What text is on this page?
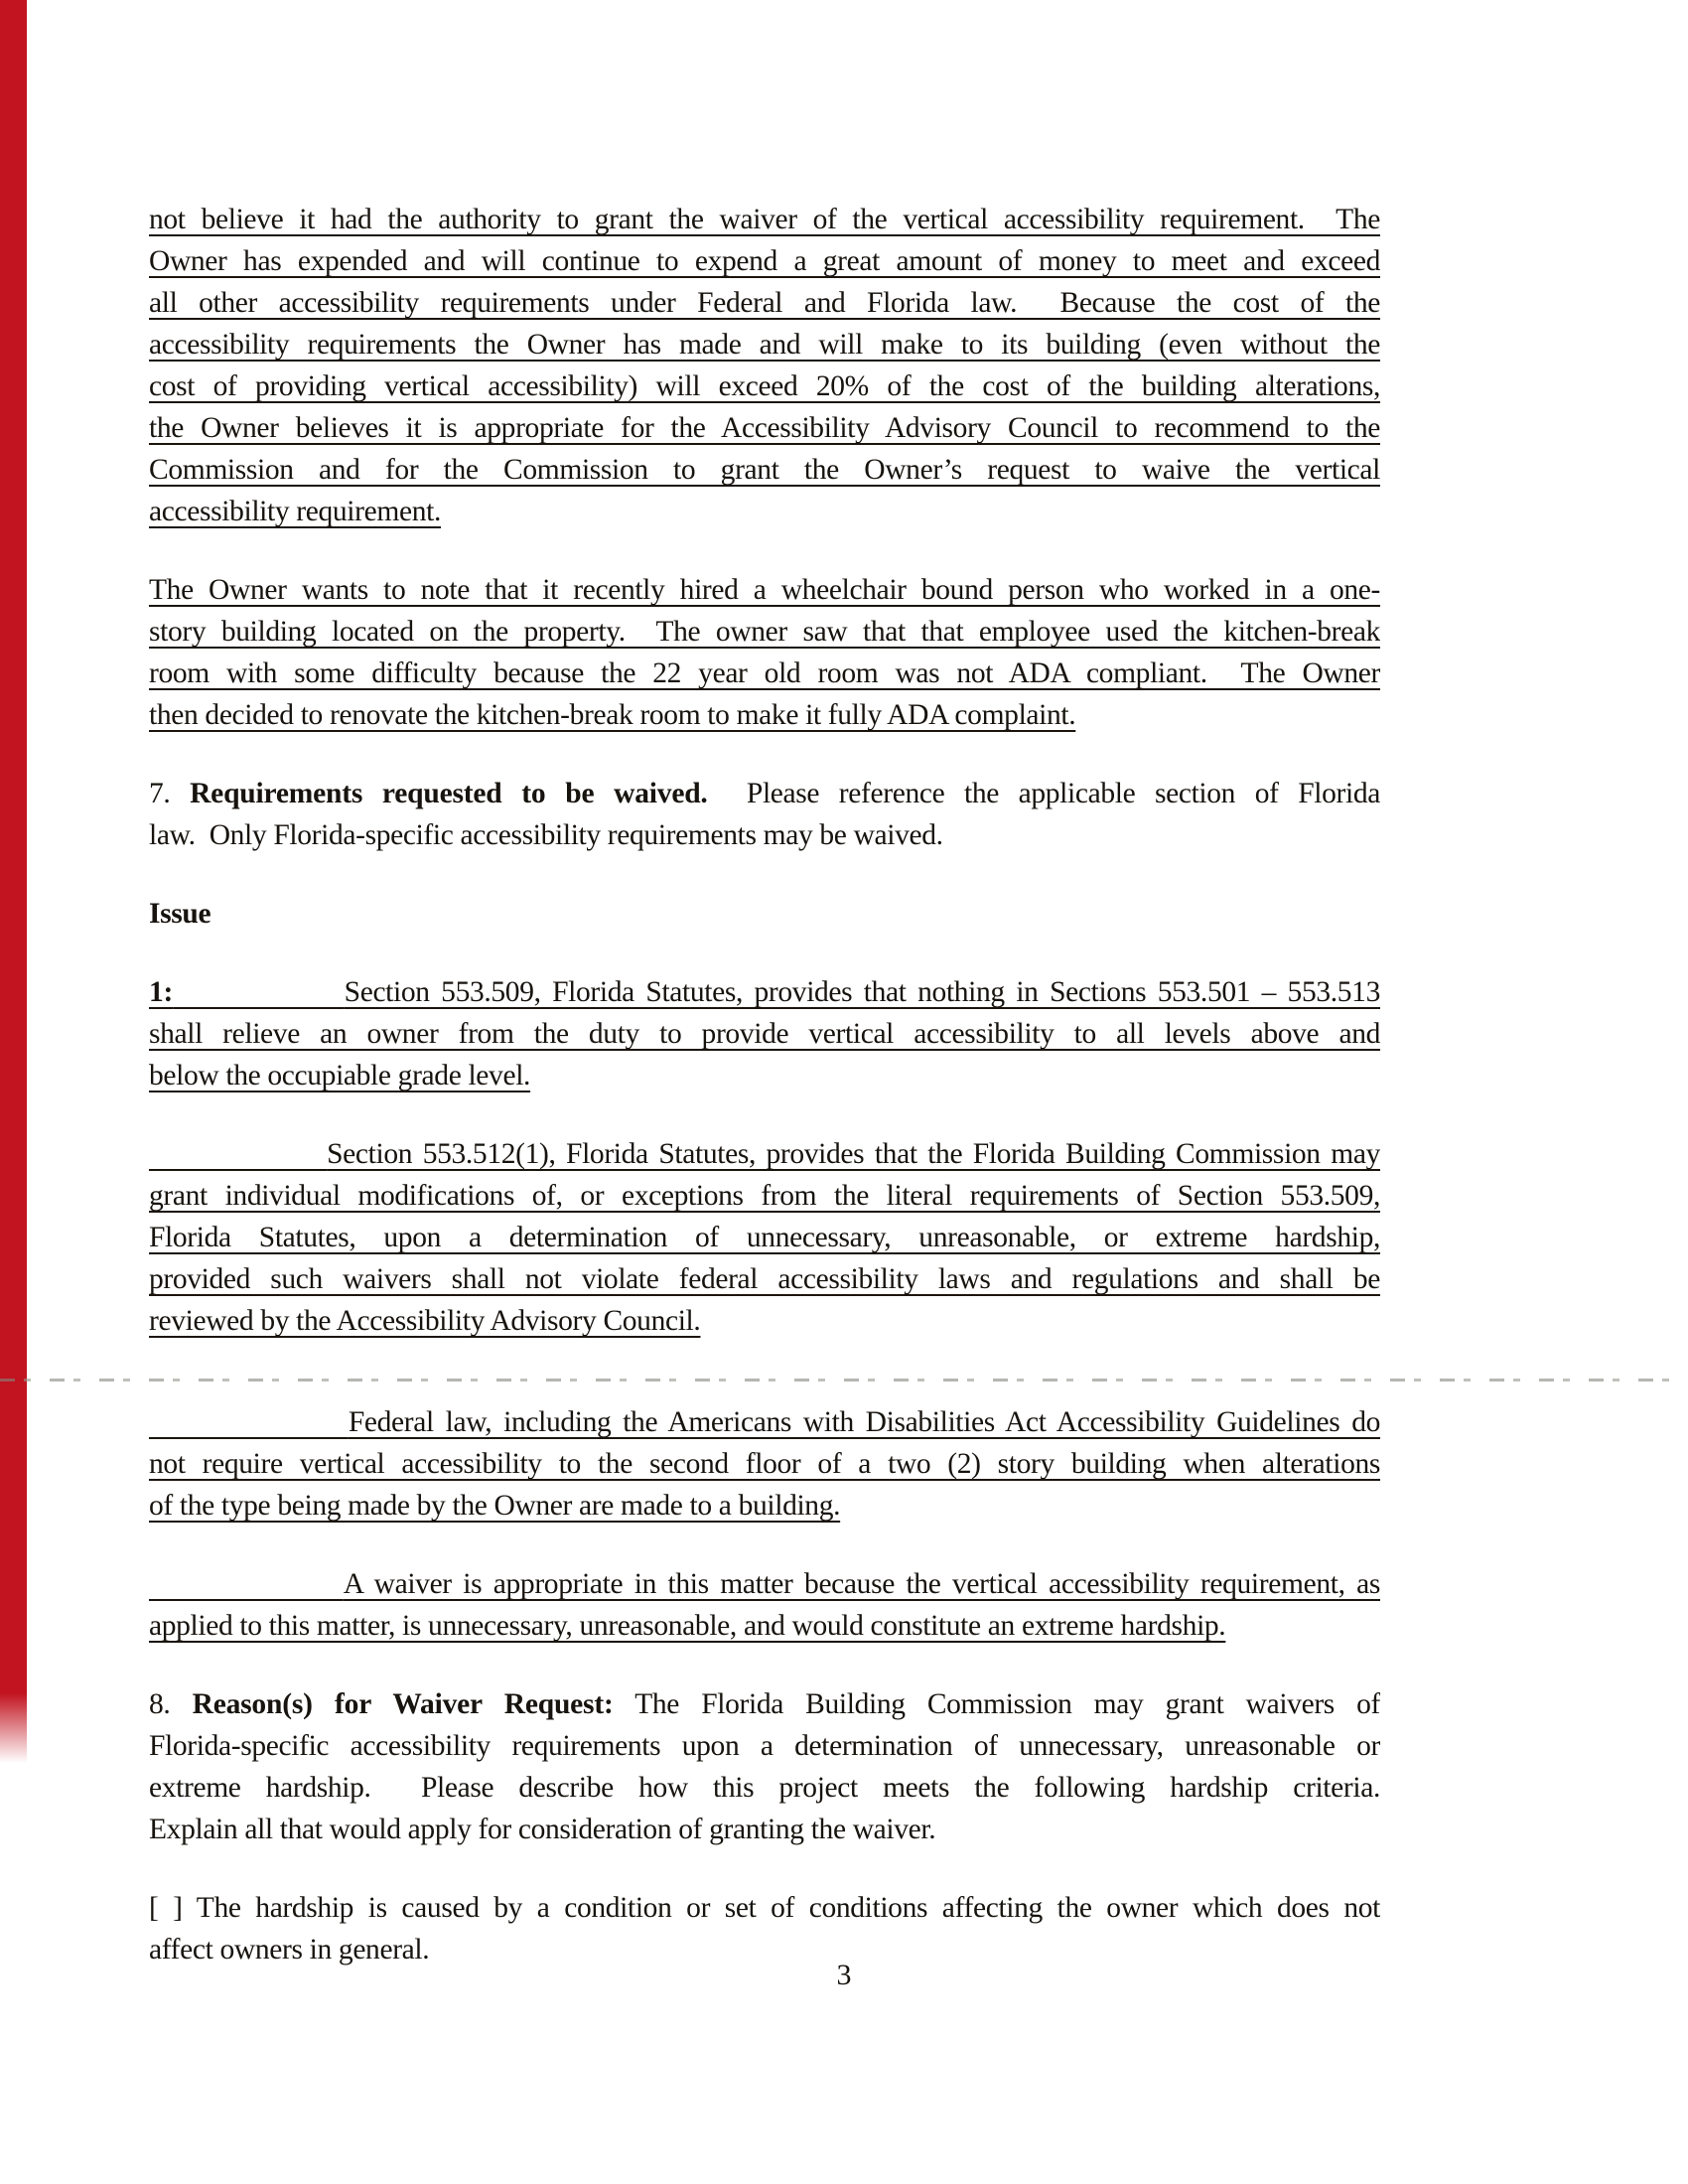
not believe it had the authority to grant the waiver of the vertical accessibility requirement.  The
Owner has expended and will continue to expend a great amount of money to meet and exceed
all other accessibility requirements under Federal and Florida law.  Because the cost of the
accessibility requirements the Owner has made and will make to its building (even without the
cost of providing vertical accessibility) will exceed 20% of the cost of the building alterations,
the Owner believes it is appropriate for the Accessibility Advisory Council to recommend to the
Commission and for the Commission to grant the Owner’s request to waive the vertical
accessibility requirement.
The Owner wants to note that it recently hired a wheelchair bound person who worked in a one-
story building located on the property.  The owner saw that that employee used the kitchen-break
room with some difficulty because the 22 year old room was not ADA compliant.  The Owner
then decided to renovate the kitchen-break room to make it fully ADA complaint.
7. Requirements requested to be waived.  Please reference the applicable section of Florida
law.  Only Florida-specific accessibility requirements may be waived.
Issue
1:	Section 553.509, Florida Statutes, provides that nothing in Sections 553.501 – 553.513
shall relieve an owner from the duty to provide vertical accessibility to all levels above and
below the occupiable grade level.
Section 553.512(1), Florida Statutes, provides that the Florida Building Commission may
grant individual modifications of, or exceptions from the literal requirements of Section 553.509,
Florida Statutes, upon a determination of unnecessary, unreasonable, or extreme hardship,
provided such waivers shall not violate federal accessibility laws and regulations and shall be
reviewed by the Accessibility Advisory Council.
Federal law, including the Americans with Disabilities Act Accessibility Guidelines do
not require vertical accessibility to the second floor of a two (2) story building when alterations
of the type being made by the Owner are made to a building.
A waiver is appropriate in this matter because the vertical accessibility requirement, as
applied to this matter, is unnecessary, unreasonable, and would constitute an extreme hardship.
8. Reason(s) for Waiver Request: The Florida Building Commission may grant waivers of
Florida-specific accessibility requirements upon a determination of unnecessary, unreasonable or
extreme hardship.  Please describe how this project meets the following hardship criteria.
Explain all that would apply for consideration of granting the waiver.
[ ] The hardship is caused by a condition or set of conditions affecting the owner which does not
affect owners in general.
3
